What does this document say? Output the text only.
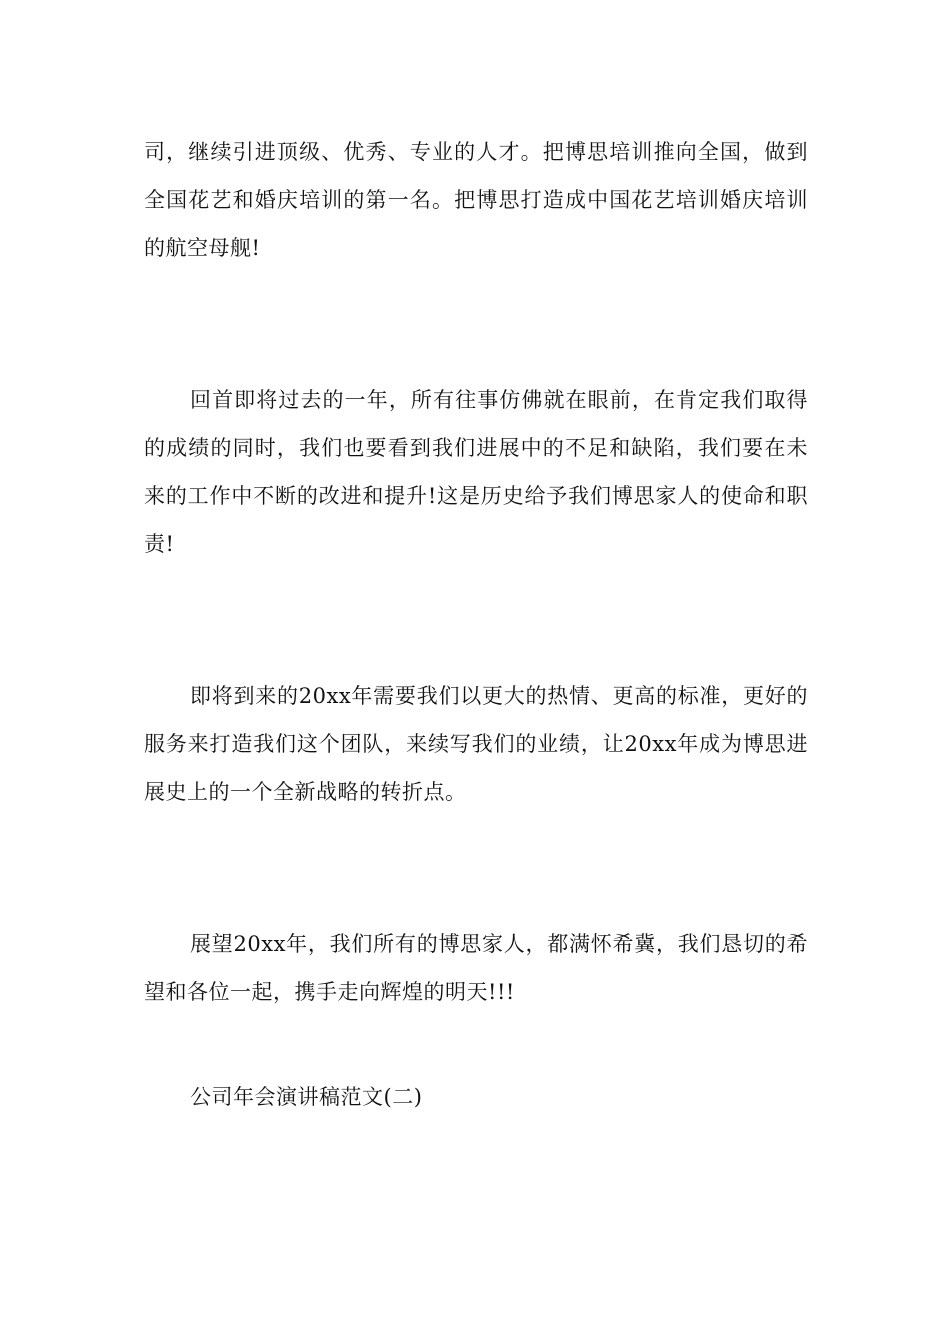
司，继续引进顶级、优秀、专业的人才。把博思培训推向全国，做到全国花艺和婚庆培训的第一名。把博思打造成中国花艺培训婚庆培训的航空母舰!

回首即将过去的一年，所有往事仿佛就在眼前，在肯定我们取得的成绩的同时，我们也要看到我们进展中的不足和缺陷，我们要在未来的工作中不断的改进和提升!这是历史给予我们博思家人的使命和职责!

即将到来的20xx年需要我们以更大的热情、更高的标准，更好的服务来打造我们这个团队，来续写我们的业绩，让20xx年成为博思进展史上的一个全新战略的转折点。

展望20xx年，我们所有的博思家人，都满怀希冀，我们恳切的希望和各位一起，携手走向辉煌的明天!!!

公司年会演讲稿范文(二)
